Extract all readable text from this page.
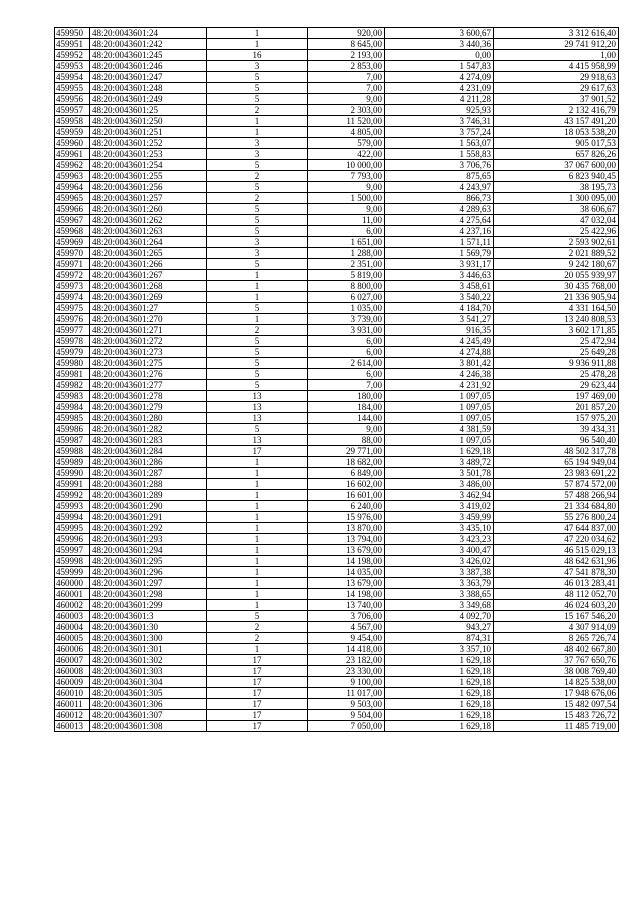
459950	48:20:0043601:24	1	920,00	3 600,67	3 312 616,40
459951	48:20:0043601:242	1	8 645,00	3 440,36	29 741 912,20
459952	48:20:0043601:245	16	2 193,00	0,00	1,00
459953	48:20:0043601:246	3	2 853,00	1 547,83	4 415 958,99
459954	48:20:0043601:247	5	7,00	4 274,09	29 918,63
459955	48:20:0043601:248	5	7,00	4 231,09	29 617,63
459956	48:20:0043601:249	5	9,00	4 211,28	37 901,52
459957	48:20:0043601:25	2	2 303,00	925,93	2 132 416,79
459958	48:20:0043601:250	1	11 520,00	3 746,31	43 157 491,20
459959	48:20:0043601:251	1	4 805,00	3 757,24	18 053 538,20
459960	48:20:0043601:252	3	579,00	1 563,07	905 017,53
459961	48:20:0043601:253	3	422,00	1 558,83	657 826,26
459962	48:20:0043601:254	5	10 000,00	3 706,76	37 067 600,00
459963	48:20:0043601:255	2	7 793,00	875,65	6 823 940,45
459964	48:20:0043601:256	5	9,00	4 243,97	38 195,73
459965	48:20:0043601:257	2	1 500,00	866,73	1 300 095,00
459966	48:20:0043601:260	5	9,00	4 289,63	38 606,67
459967	48:20:0043601:262	5	11,00	4 275,64	47 032,04
459968	48:20:0043601:263	5	6,00	4 237,16	25 422,96
459969	48:20:0043601:264	3	1 651,00	1 571,11	2 593 902,61
459970	48:20:0043601:265	3	1 288,00	1 569,79	2 021 889,52
459971	48:20:0043601:266	5	2 351,00	3 931,17	9 242 180,67
459972	48:20:0043601:267	1	5 819,00	3 446,63	20 055 939,97
459973	48:20:0043601:268	1	8 800,00	3 458,61	30 435 768,00
459974	48:20:0043601:269	1	6 027,00	3 540,22	21 336 905,94
459975	48:20:0043601:27	5	1 035,00	4 184,70	4 331 164,50
459976	48:20:0043601:270	1	3 739,00	3 541,27	13 240 808,53
459977	48:20:0043601:271	2	3 931,00	916,35	3 602 171,85
459978	48:20:0043601:272	5	6,00	4 245,49	25 472,94
459979	48:20:0043601:273	5	6,00	4 274,88	25 649,28
459980	48:20:0043601:275	5	2 614,00	3 801,42	9 936 911,88
459981	48:20:0043601:276	5	6,00	4 246,38	25 478,28
459982	48:20:0043601:277	5	7,00	4 231,92	29 623,44
459983	48:20:0043601:278	13	180,00	1 097,05	197 469,00
459984	48:20:0043601:279	13	184,00	1 097,05	201 857,20
459985	48:20:0043601:280	13	144,00	1 097,05	157 975,20
459986	48:20:0043601:282	5	9,00	4 381,59	39 434,31
459987	48:20:0043601:283	13	88,00	1 097,05	96 540,40
459988	48:20:0043601:284	17	29 771,00	1 629,18	48 502 317,78
459989	48:20:0043601:286	1	18 682,00	3 489,72	65 194 949,04
459990	48:20:0043601:287	1	6 849,00	3 501,78	23 983 691,22
459991	48:20:0043601:288	1	16 602,00	3 486,00	57 874 572,00
459992	48:20:0043601:289	1	16 601,00	3 462,94	57 488 266,94
459993	48:20:0043601:290	1	6 240,00	3 419,02	21 334 684,80
459994	48:20:0043601:291	1	15 976,00	3 459,99	55 276 800,24
459995	48:20:0043601:292	1	13 870,00	3 435,10	47 644 837,00
459996	48:20:0043601:293	1	13 794,00	3 423,23	47 220 034,62
459997	48:20:0043601:294	1	13 679,00	3 400,47	46 515 029,13
459998	48:20:0043601:295	1	14 198,00	3 426,02	48 642 631,96
459999	48:20:0043601:296	1	14 035,00	3 387,38	47 541 878,30
460000	48:20:0043601:297	1	13 679,00	3 363,79	46 013 283,41
460001	48:20:0043601:298	1	14 198,00	3 388,65	48 112 052,70
460002	48:20:0043601:299	1	13 740,00	3 349,68	46 024 603,20
460003	48:20:0043601:3	5	3 706,00	4 092,70	15 167 546,20
460004	48:20:0043601:30	2	4 567,00	943,27	4 307 914,09
460005	48:20:0043601:300	2	9 454,00	874,31	8 265 726,74
460006	48:20:0043601:301	1	14 418,00	3 357,10	48 402 667,80
460007	48:20:0043601:302	17	23 182,00	1 629,18	37 767 650,76
460008	48:20:0043601:303	17	23 330,00	1 629,18	38 008 769,40
460009	48:20:0043601:304	17	9 100,00	1 629,18	14 825 538,00
460010	48:20:0043601:305	17	11 017,00	1 629,18	17 948 676,06
460011	48:20:0043601:306	17	9 503,00	1 629,18	15 482 097,54
460012	48:20:0043601:307	17	9 504,00	1 629,18	15 483 726,72
460013	48:20:0043601:308	17	7 050,00	1 629,18	11 485 719,00
